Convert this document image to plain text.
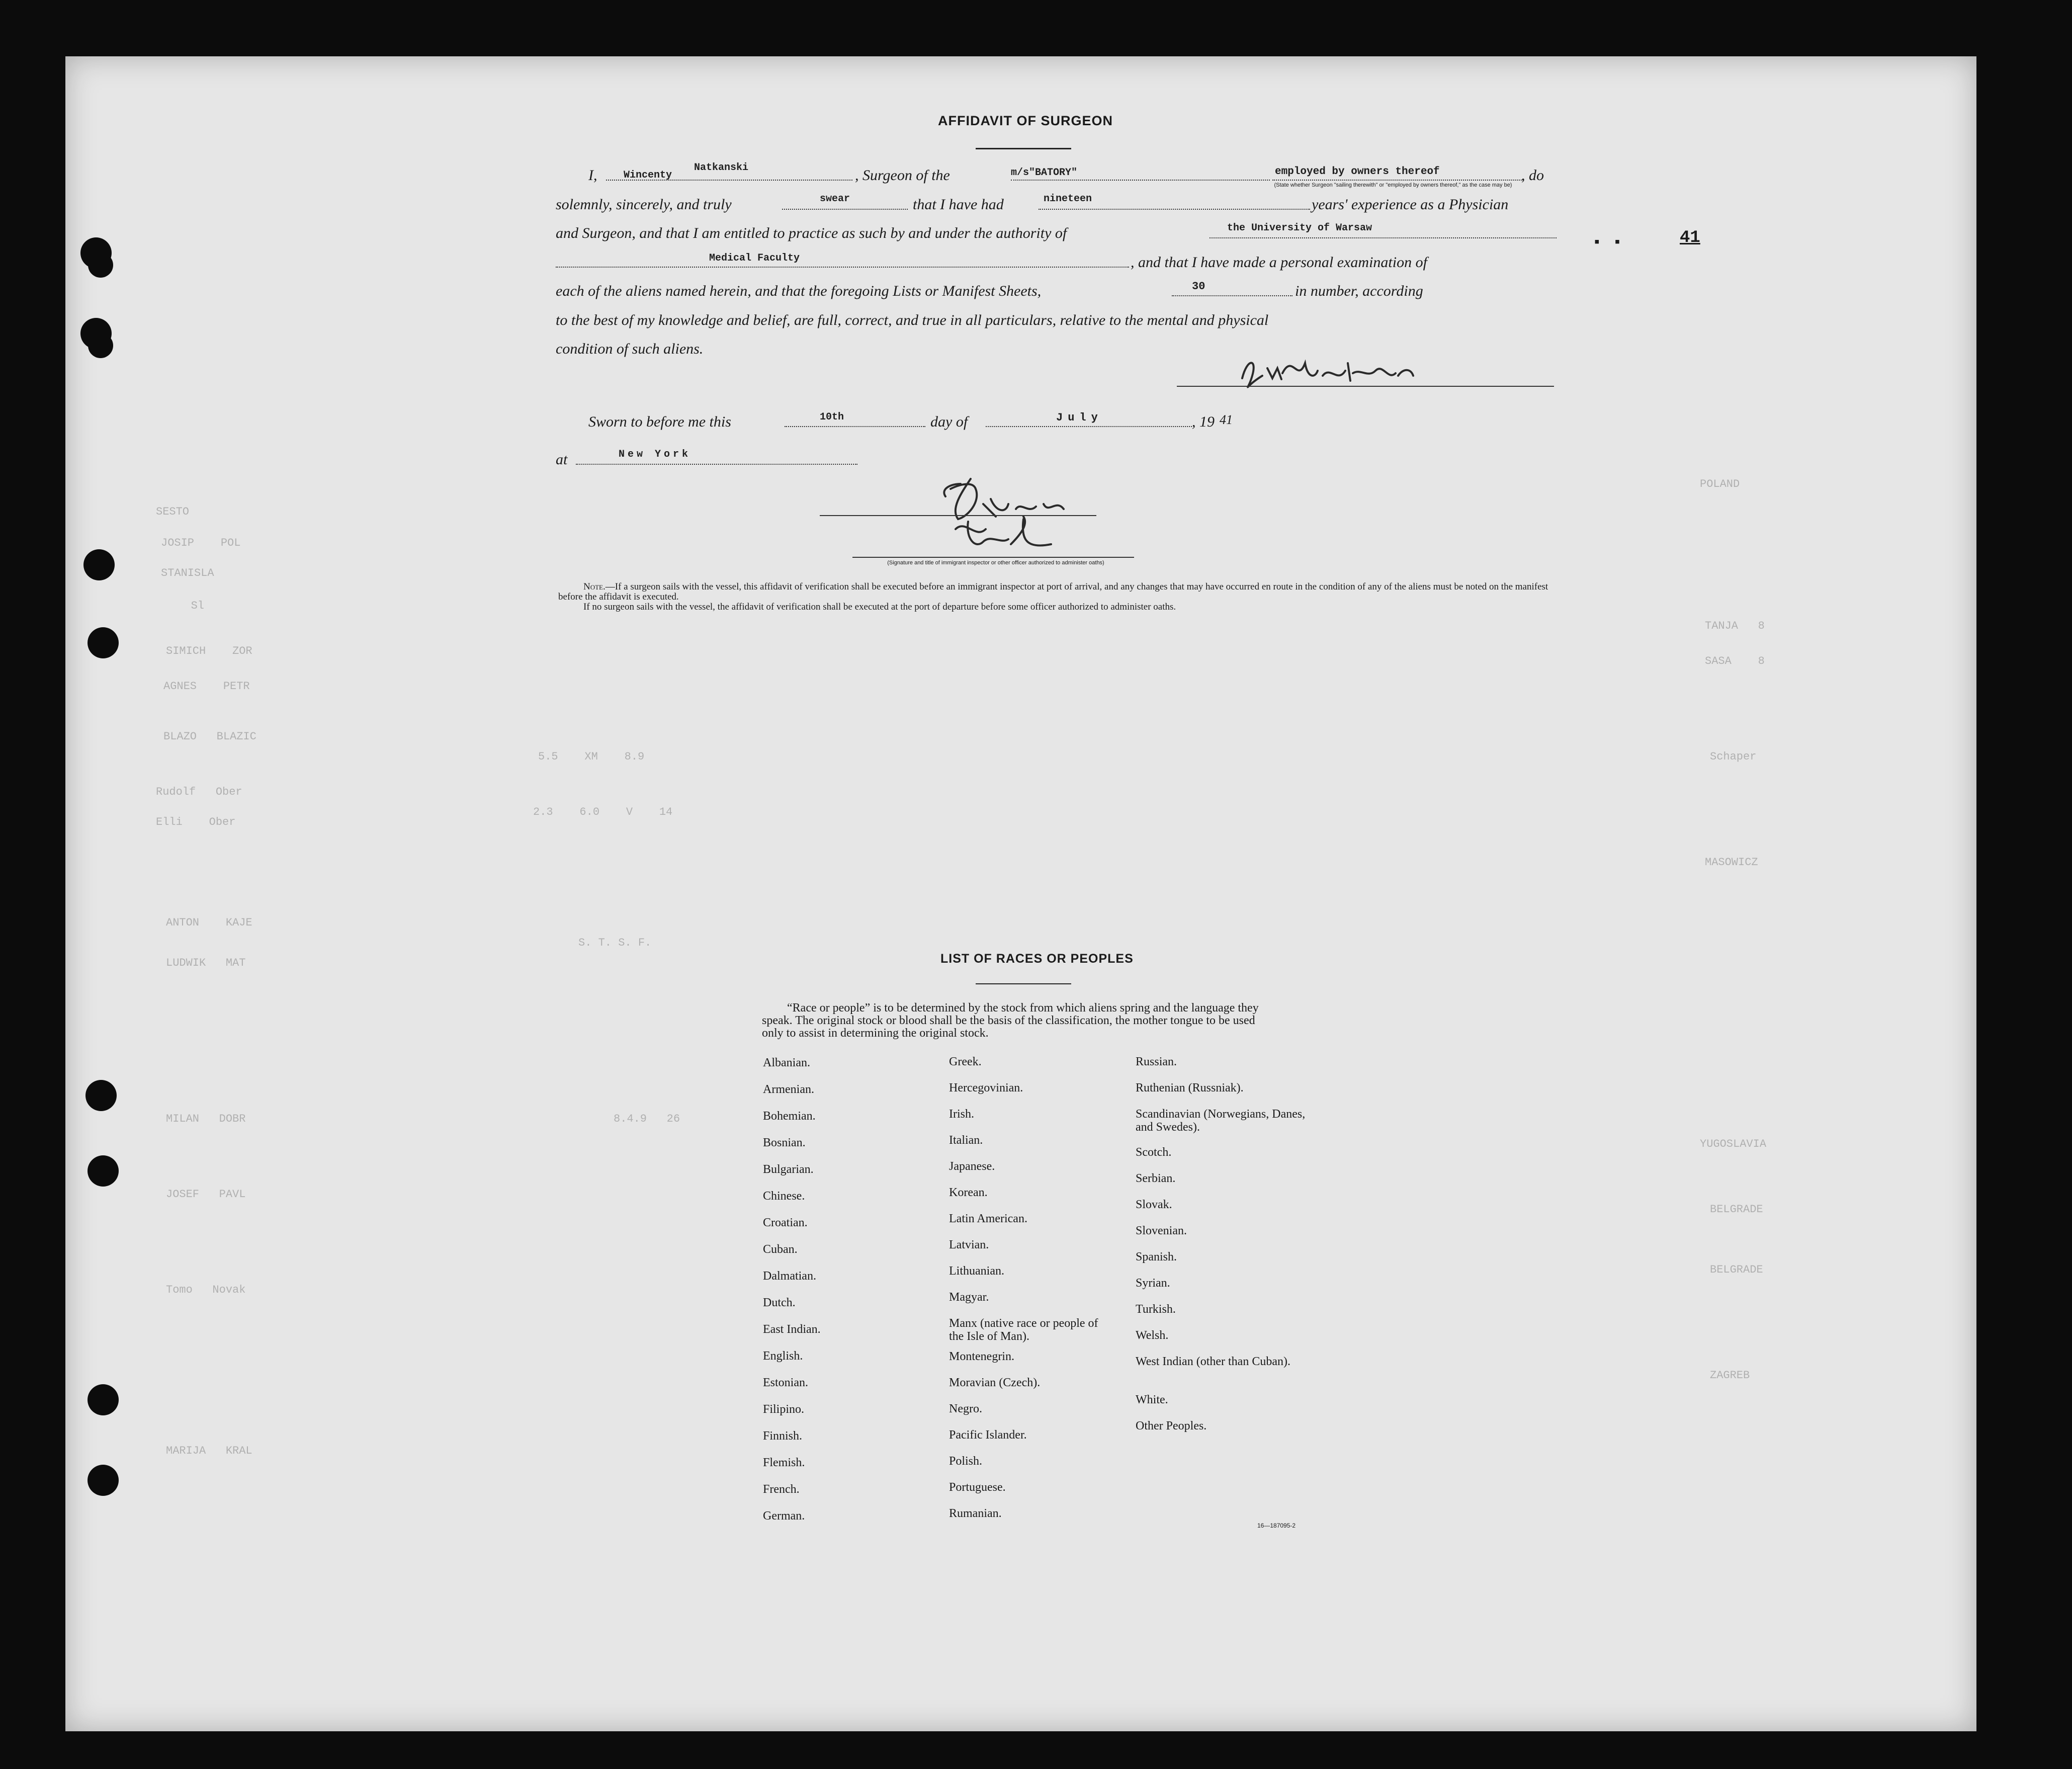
SESTO
JOSIP    POL
STANISLA
Sl
SIMICH    ZOR
AGNES    PETR
BLAZO   BLAZIC
Rudolf   Ober
Elli    Ober
ANTON    KAJE
LUDWIK   MAT
MILAN   DOBR
JOSEF   PAVL
Tomo   Novak
MARIJA   KRAL
POLAND
TANJA   8
SASA    8
Schaper
MASOWICZ
YUGOSLAVIA
BELGRADE
BELGRADE
ZAGREB
5.5    XM    8.9
2.3    6.0    V    14
S. T. S. F.
8.4.9   26
41
▪    ▪
AFFIDAVIT OF SURGEON
I,	Wincenty
Natkanski	, Surgeon of the	m/s"BATORY"	employed by owners thereof	, do
(State whether Surgeon "sailing therewith" or "employed by owners thereof," as the case may be)
solemnly, sincerely, and truly	swear	that I have had	nineteen	years' experience as a Physician
and Surgeon, and that I am entitled to practice as such by and under the authority of	the University of Warsaw
Medical Faculty	, and that I have made a personal examination of
each of the aliens named herein, and that the foregoing Lists or Manifest Sheets,	30	in number, according
to the best of my knowledge and belief, are full, correct, and true in all particulars, relative to the mental and physical
condition of such aliens.
Sworn to before me this	10th	day of	July	, 19 41
at	New York
(Signature and title of immigrant inspector or other officer authorized to administer oaths)
Note.—If a surgeon sails with the vessel, this affidavit of verification shall be executed before an immigrant inspector at port of arrival, and any changes that may have occurred en route in the condition of any of the aliens must be noted on the manifest before the affidavit is executed.
If no surgeon sails with the vessel, the affidavit of verification shall be executed at the port of departure before some officer authorized to administer oaths.
LIST OF RACES OR PEOPLES
“Race or people” is to be determined by the stock from which aliens spring and the language they speak. The original stock or blood shall be the basis of the classification, the mother tongue to be used only to assist in determining the original stock.
Albanian.
Armenian.
Bohemian.
Bosnian.
Bulgarian.
Chinese.
Croatian.
Cuban.
Dalmatian.
Dutch.
East Indian.
English.
Estonian.
Filipino.
Finnish.
Flemish.
French.
German.
Greek.
Hercegovinian.
Irish.
Italian.
Japanese.
Korean.
Latin American.
Latvian.
Lithuanian.
Magyar.
Manx (native race or people of the Isle of Man).
Montenegrin.
Moravian (Czech).
Negro.
Pacific Islander.
Polish.
Portuguese.
Rumanian.
Russian.
Ruthenian (Russniak).
Scandinavian (Norwegians, Danes, and Swedes).
Scotch.
Serbian.
Slovak.
Slovenian.
Spanish.
Syrian.
Turkish.
Welsh.
West Indian (other than Cuban).
White.
Other Peoples.
16—187095-2
